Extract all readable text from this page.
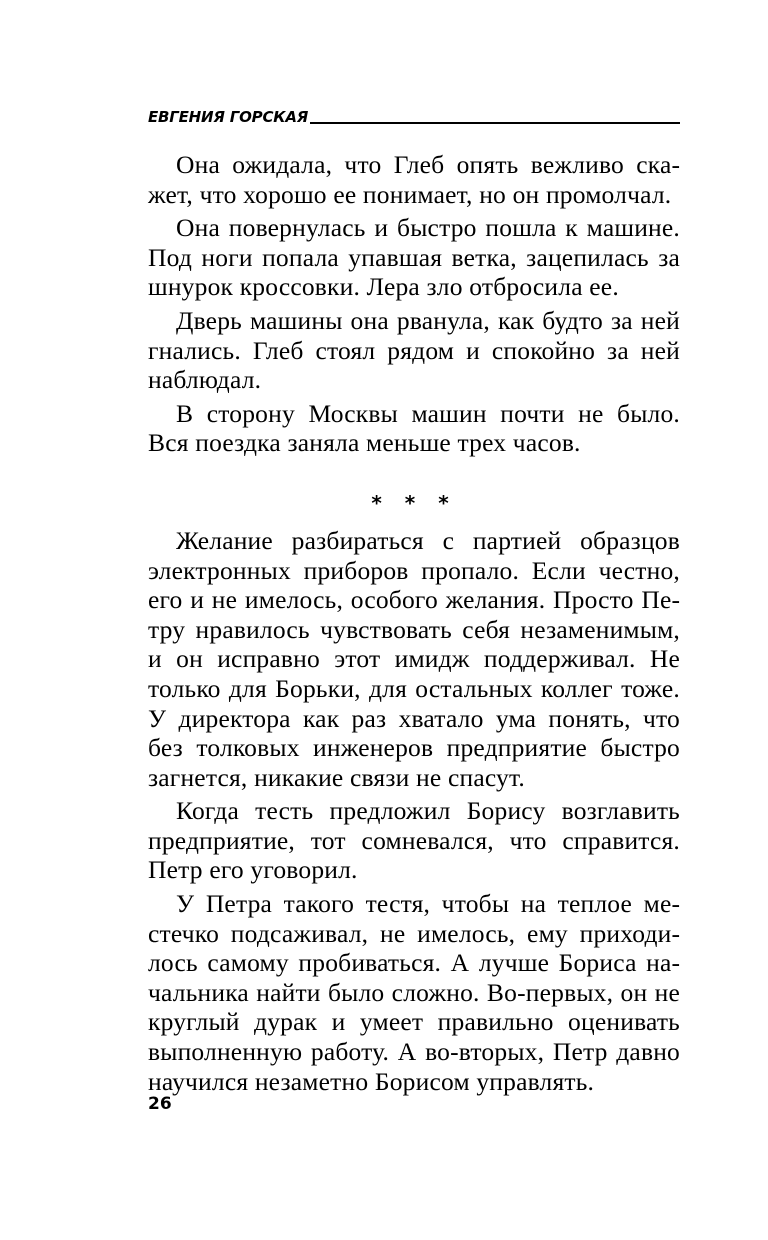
ЕВГЕНИЯ ГОРСКАЯ

Она ожидала, что Глеб опять вежливо скажет, что хорошо ее понимает, но он промолчал.

Она повернулась и быстро пошла к машине. Под ноги попала упавшая ветка, зацепилась за шнурок кроссовки. Лера зло отбросила ее.

Дверь машины она рванула, как будто за ней гнались. Глеб стоял рядом и спокойно за ней наблюдал.

В сторону Москвы машин почти не было. Вся поездка заняла меньше трех часов.

* * *

Желание разбираться с партией образцов электронных приборов пропало. Если честно, его и не имелось, особого желания. Просто Петру нравилось чувствовать себя незаменимым, и он исправно этот имидж поддерживал. Не только для Борьки, для остальных коллег тоже. У директора как раз хватало ума понять, что без толковых инженеров предприятие быстро загнется, никакие связи не спасут.

Когда тесть предложил Борису возглавить предприятие, тот сомневался, что справится. Петр его уговорил.

У Петра такого тестя, чтобы на теплое местечко подсаживал, не имелось, ему приходилось самому пробиваться. А лучше Бориса начальника найти было сложно. Во-первых, он не круглый дурак и умеет правильно оценивать выполненную работу. А во-вторых, Петр давно научился незаметно Борисом управлять.

26
